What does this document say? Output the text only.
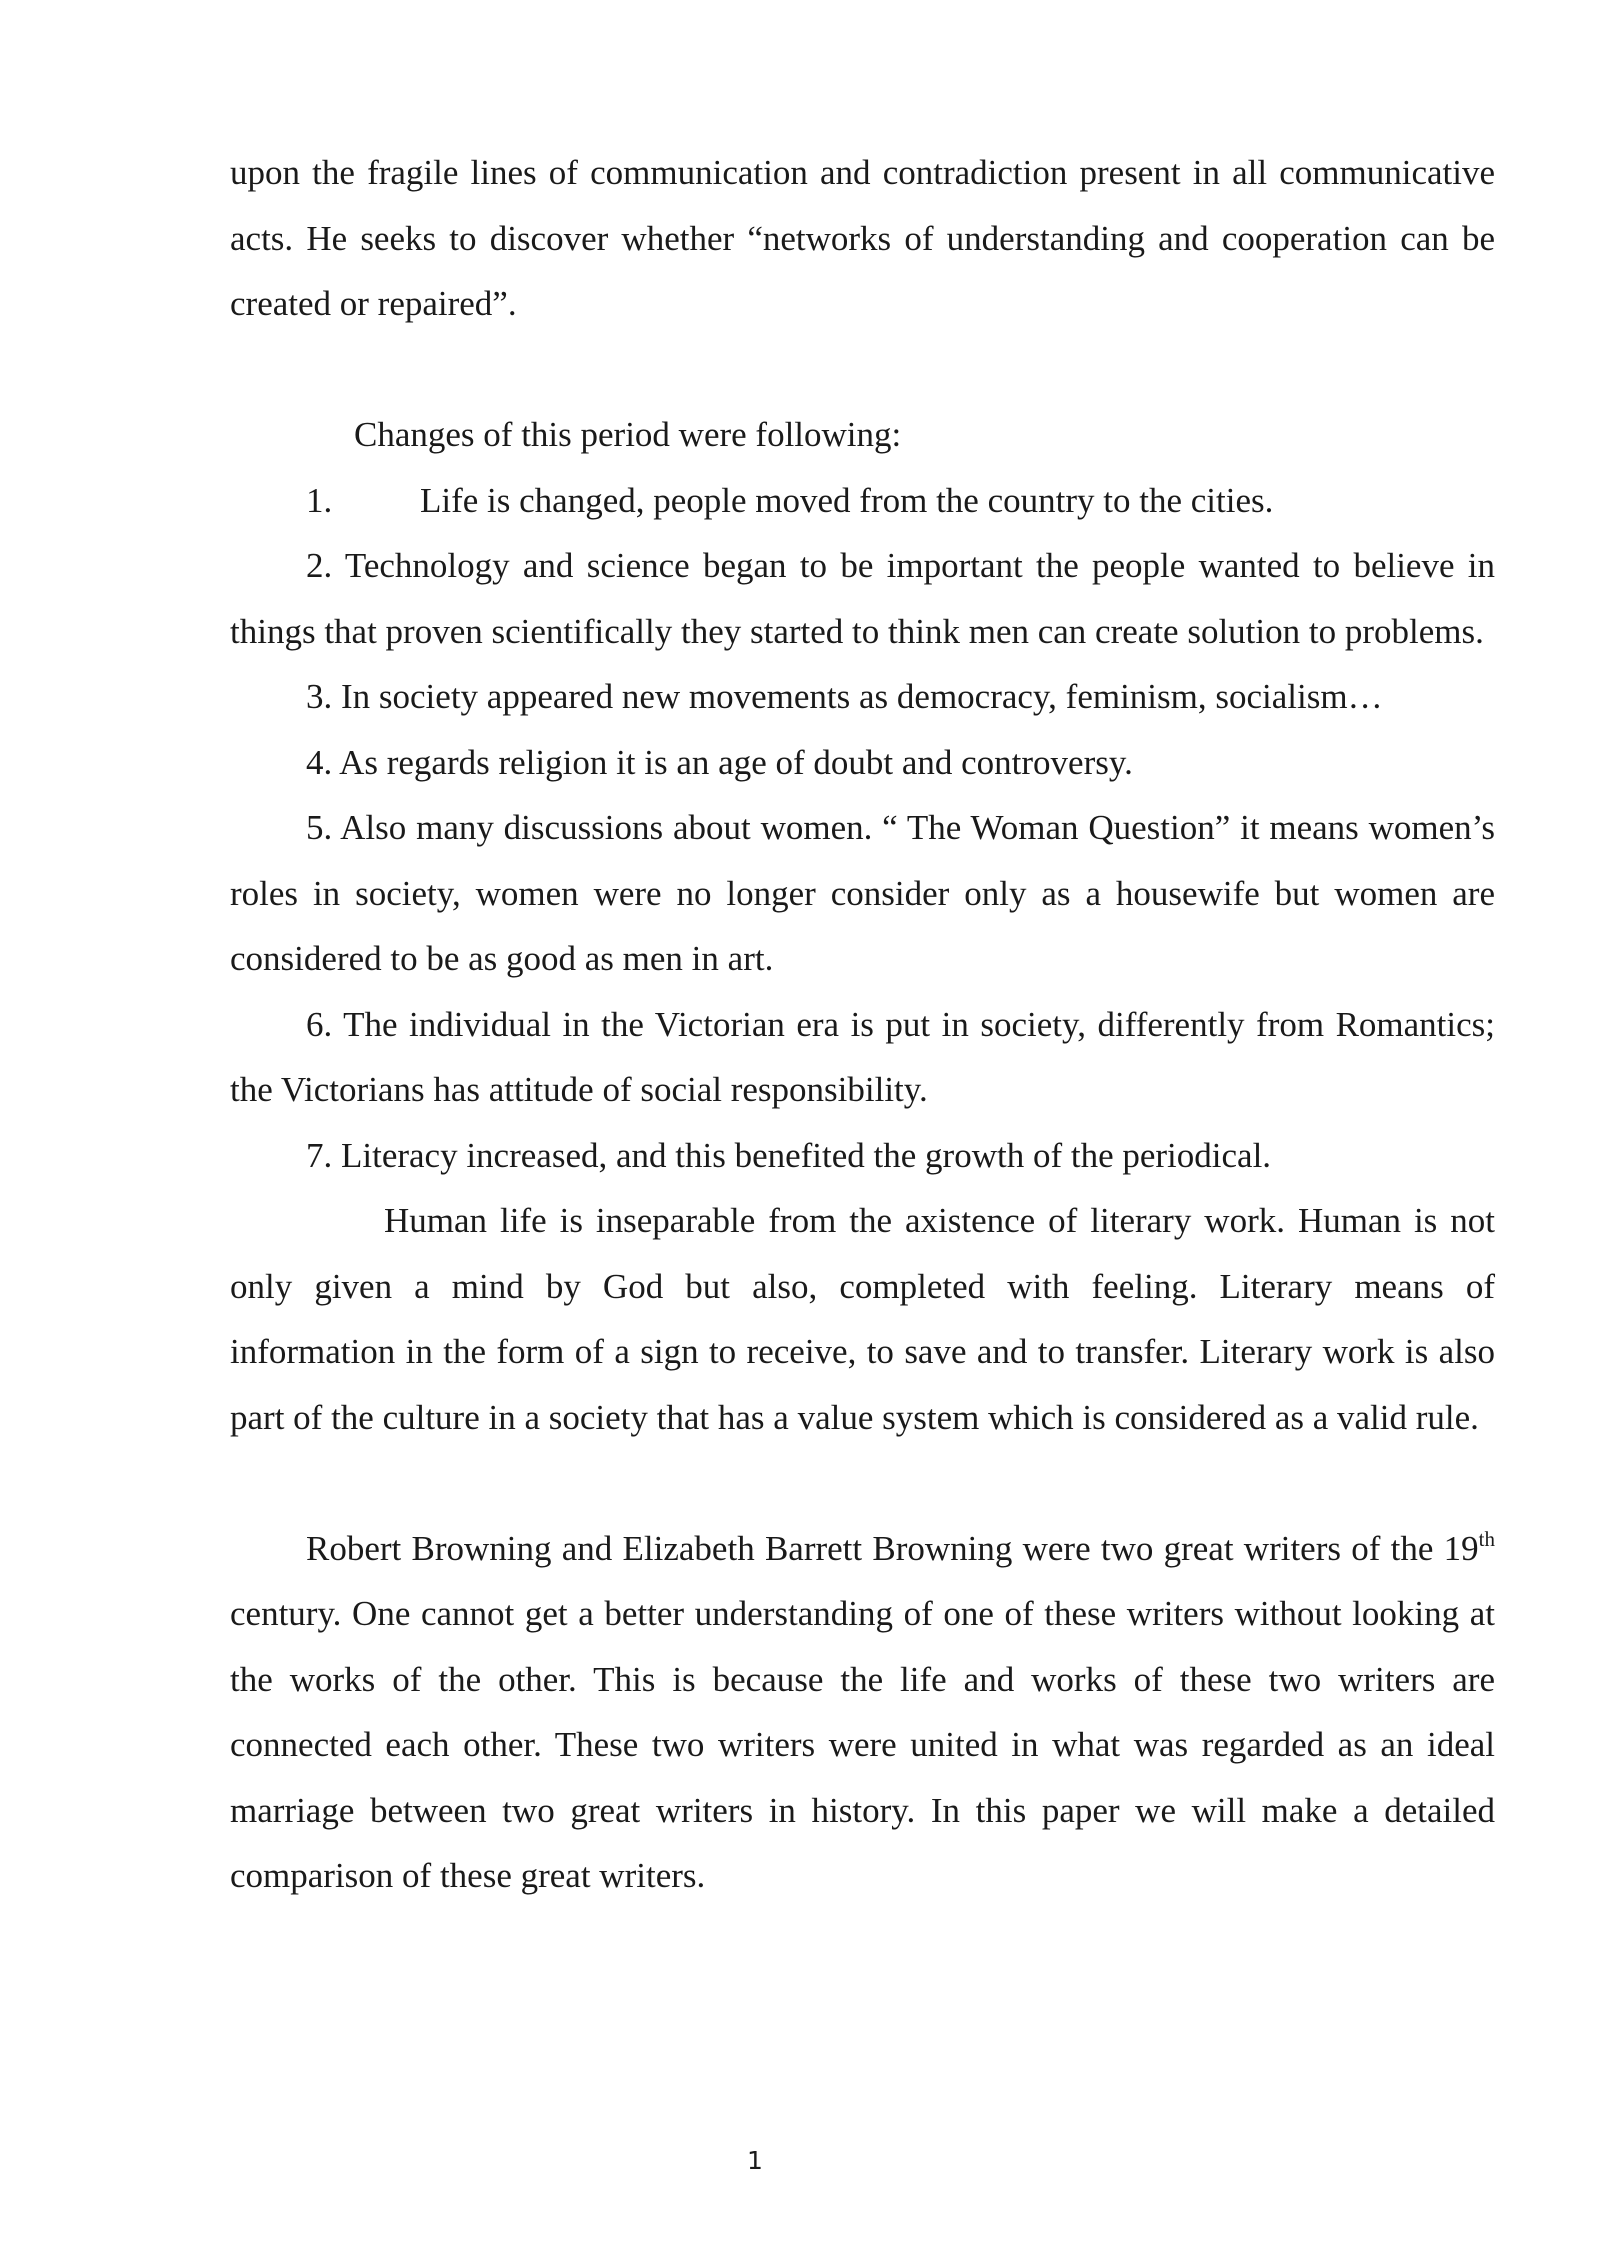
upon the fragile lines of communication and contradiction present in all communicative acts. He seeks to discover whether “networks of understanding and cooperation can be created or repaired”.

Changes of this period were following:

1.	Life is changed, people moved from the country to the cities.

2. Technology and science began to be important the people wanted to believe in things that proven scientifically they started to think men can create solution to problems.

3. In society appeared new movements as democracy, feminism, socialism…

4. As regards religion it is an age of doubt and controversy.

5. Also many discussions about women. “ The Woman Question” it means women’s roles in society, women were no longer consider only as a housewife but women are considered to be as good as men in art.

6. The individual in the Victorian era is put in society, differently from Romantics; the Victorians has attitude of social responsibility.

7. Literacy increased, and this benefited the growth of the periodical.

Human life is inseparable from the axistence of literary work. Human is not only given a mind by God but also, completed with feeling. Literary means of information in the form of a sign to receive, to save and to transfer. Literary work is also part of the culture in a society that has a value system which is considered as a valid rule.

Robert Browning and Elizabeth Barrett Browning were two great writers of the 19th century. One cannot get a better understanding of one of these writers without looking at the works of the other. This is because the life and works of these two writers are connected each other. These two writers were united in what was regarded as an ideal marriage between two great writers in history. In this paper we will make a detailed comparison of these great writers.

1
